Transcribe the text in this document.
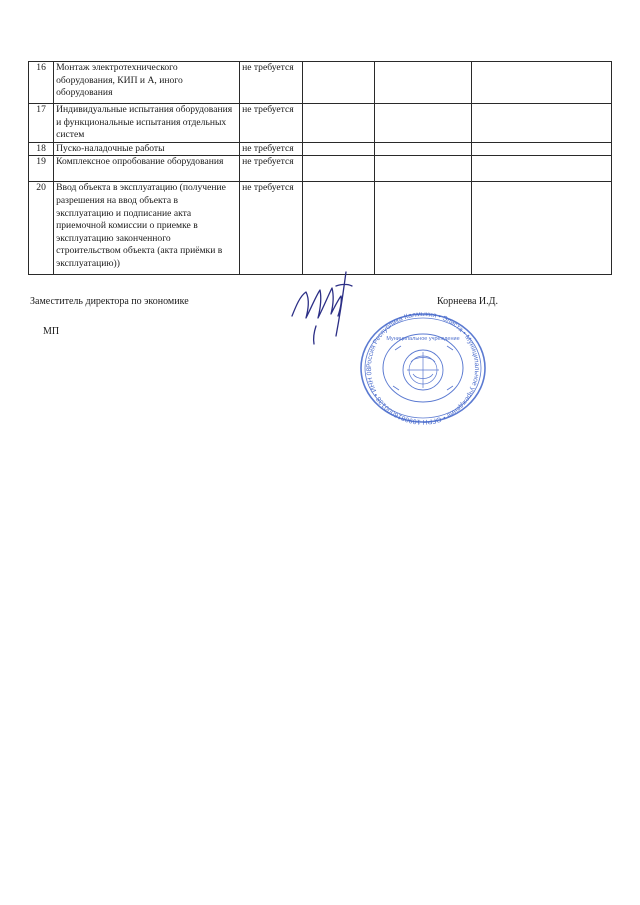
16	Монтаж электротехнического оборудования, КИП и А, иного оборудования	не требуется			
17	Индивидуальные испытания оборудования и функциональные испытания отдельных систем	не требуется			
18	Пуско-наладочные работы	не требуется			
19	Комплексное опробование оборудования	не требуется			
20	Ввод объекта в эксплуатацию (получение разрешения на ввод объекта в эксплуатацию и подписание акта приемочной комиссии о приемке в эксплуатацию законченного строительством объекта (акта приёмки в эксплуатацию))	не требуется			
Заместитель директора по экономике	Корнеева И.Д.
МП
Россия Республика Калмыкия • Элиста • Муниципальное учреждение • ОГРН 1090816000138 • ИНН 08
Муниципальное учреждение
